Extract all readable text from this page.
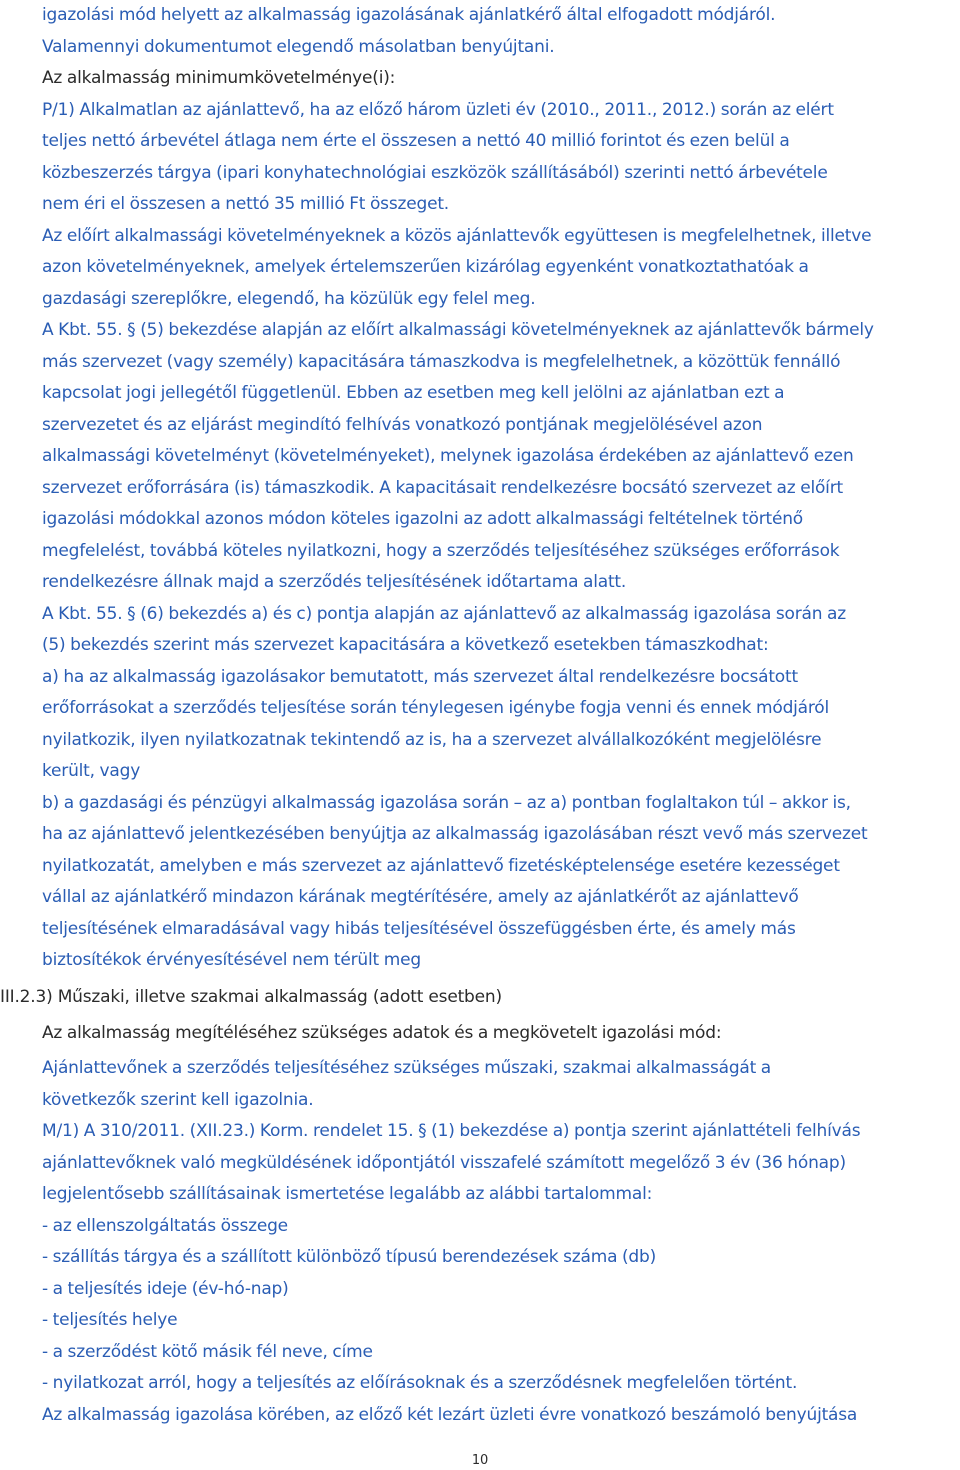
igazolási mód helyett az alkalmasság igazolásának ajánlatkérő által elfogadott módjáról.
Valamennyi dokumentumot elegendő másolatban benyújtani.
Az alkalmasság minimumkövetelménye(i):
P/1) Alkalmatlan az ajánlattevő, ha az előző három üzleti év (2010., 2011., 2012.) során az elért
teljes nettó árbevétel átlaga nem érte el összesen a nettó 40 millió forintot és ezen belül a
közbeszerzés tárgya (ipari konyhatechnológiai eszközök szállításából) szerinti nettó árbevétele
nem éri el összesen a nettó 35 millió Ft összeget.
Az előírt alkalmassági követelményeknek a közös ajánlattevők együttesen is megfelelhetnek, illetve
azon követelményeknek, amelyek értelemszerűen kizárólag egyenként vonatkoztathatóak a
gazdasági szereplőkre, elegendő, ha közülük egy felel meg.
A Kbt. 55. § (5) bekezdése alapján az előírt alkalmassági követelményeknek az ajánlattevők bármely
más szervezet (vagy személy) kapacitására támaszkodva is megfelelhetnek, a közöttük fennálló
kapcsolat jogi jellegétől függetlenül. Ebben az esetben meg kell jelölni az ajánlatban ezt a
szervezetet és az eljárást megindító felhívás vonatkozó pontjának megjelölésével azon
alkalmassági követelményt (követelményeket), melynek igazolása érdekében az ajánlattevő ezen
szervezet erőforrására (is) támaszkodik. A kapacitásait rendelkezésre bocsátó szervezet az előírt
igazolási módokkal azonos módon köteles igazolni az adott alkalmassági feltételnek történő
megfelelést, továbbá köteles nyilatkozni, hogy a szerződés teljesítéséhez szükséges erőforrások
rendelkezésre állnak majd a szerződés teljesítésének időtartama alatt.
A Kbt. 55. § (6) bekezdés a) és c) pontja alapján az ajánlattevő az alkalmasság igazolása során az
(5) bekezdés szerint más szervezet kapacitására a következő esetekben támaszkodhat:
a) ha az alkalmasság igazolásakor bemutatott, más szervezet által rendelkezésre bocsátott
erőforrásokat a szerződés teljesítése során ténylegesen igénybe fogja venni és ennek módjáról
nyilatkozik, ilyen nyilatkozatnak tekintendő az is, ha a szervezet alvállalkozóként megjelölésre
került, vagy
b) a gazdasági és pénzügyi alkalmasság igazolása során – az a) pontban foglaltakon túl – akkor is,
ha az ajánlattevő jelentkezésében benyújtja az alkalmasság igazolásában részt vevő más szervezet
nyilatkozatát, amelyben e más szervezet az ajánlattevő fizetésképtelensége esetére kezességet
vállal az ajánlatkérő mindazon kárának megtérítésére, amely az ajánlatkérőt az ajánlattevő
teljesítésének elmaradásával vagy hibás teljesítésével összefüggésben érte, és amely más
biztosítékok érvényesítésével nem térült meg
III.2.3) Műszaki, illetve szakmai alkalmasság (adott esetben)
Az alkalmasság megítéléséhez szükséges adatok és a megkövetelt igazolási mód:
Ajánlattevőnek a szerződés teljesítéséhez szükséges műszaki, szakmai alkalmasságát a
következők szerint kell igazolnia.
M/1) A 310/2011. (XII.23.) Korm. rendelet 15. § (1) bekezdése a) pontja szerint ajánlattételi felhívás
ajánlattevőknek való megküldésének időpontjától visszafelé számított megelőző 3 év (36 hónap)
legjelentősebb szállításainak ismertetése legalább az alábbi tartalommal:
- az ellenszolgáltatás összege
- szállítás tárgya és a szállított különböző típusú berendezések száma (db)
- a teljesítés ideje (év-hó-nap)
- teljesítés helye
- a szerződést kötő másik fél neve, címe
- nyilatkozat arról, hogy a teljesítés az előírásoknak és a szerződésnek megfelelően történt.
Az alkalmasság igazolása körében, az előző két lezárt üzleti évre vonatkozó beszámoló benyújtása
10
